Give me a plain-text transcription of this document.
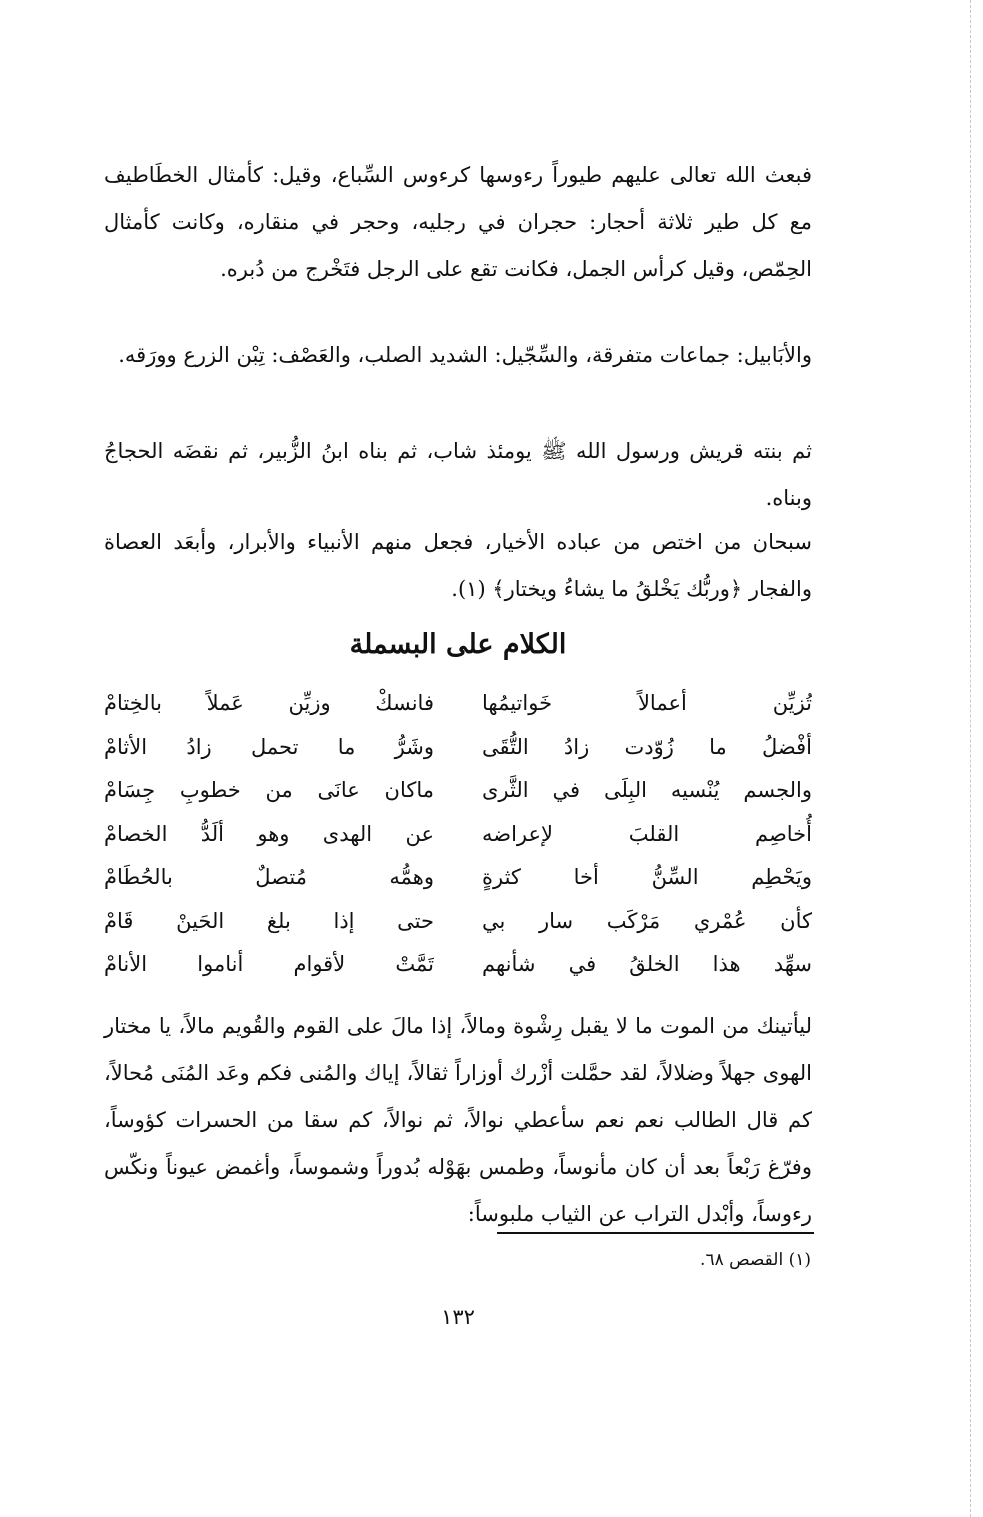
فبعث الله تعالى عليهم طيوراً رءوسها كرءوس السِّباع، وقيل: كأمثال الخطَاطيف مع كل طير ثلاثة أحجار: حجران في رجليه، وحجر في منقاره، وكانت كأمثال الحِمّص، وقيل كرأس الجمل، فكانت تقع على الرجل فتَخْرج من دُبره.

والأبَابيل: جماعات متفرقة، والسِّجّيل: الشديد الصلب، والعَصْف: تِبْن الزرع وورَقه.

ثم بنته قريش ورسول الله ﷺ يومئذ شاب، ثم بناه ابنُ الزُّبير، ثم نقضَه الحجاجُ وبناه.

سبحان من اختص من عباده الأخيار، فجعل منهم الأنبياء والأبرار، وأبعَد العصاة والفجار ﴿وربُّك يَخْلقُ ما يشاءُ ويختار﴾ (١).

الكلام على البسملة
تُزيِّن أعمالاً خَواتيمُها
فانسكْ وزيِّن عَملاً بالخِتامْ
أفْضلُ ما زُوّدت زادُ التُّقَى
وشَرُّ ما تحمل زادُ الأثامْ
والجسم يُنْسيه البِلَى في الثَّرى
ماكان عانَى من خطوبِ جِسَامْ
أُخاصِم القلبَ لإعراضه
عن الهدى وهو ألَدُّ الخصامْ
ويَحْطِم السِّنُّ أخا كثرةٍ
وهمُّه مُتصلٌ بالحُطَامْ
كأن عُمْري مَرْكَب سار بي
حتى إذا بلغ الحَينْ قَامْ
سهِّد هذا الخلقُ في شأنهم
تَمَّتْ لأقوام أناموا الأنامْ

ليأتينك من الموت ما لا يقبل رِشْوة ومالاً، إذا مالَ على القوم والقُويم مالاً، يا مختار الهوى جهلاً وضلالاً، لقد حمَّلت أزْرك أوزاراً ثقالاً، إياك والمُنى فكم وعَد المُنَى مُحالاً، كم قال الطالب نعم نعم سأعطي نوالاً، ثم نوالاً، كم سقا من الحسرات كؤوساً، وفرّغ رَبْعاً بعد أن كان مأنوساً، وطمس بهَوْله بُدوراً وشموساً، وأغمض عيوناً ونكّس رءوساً، وأبْدل التراب عن الثياب ملبوساً:

(١) القصص ٦٨.
١٣٢
